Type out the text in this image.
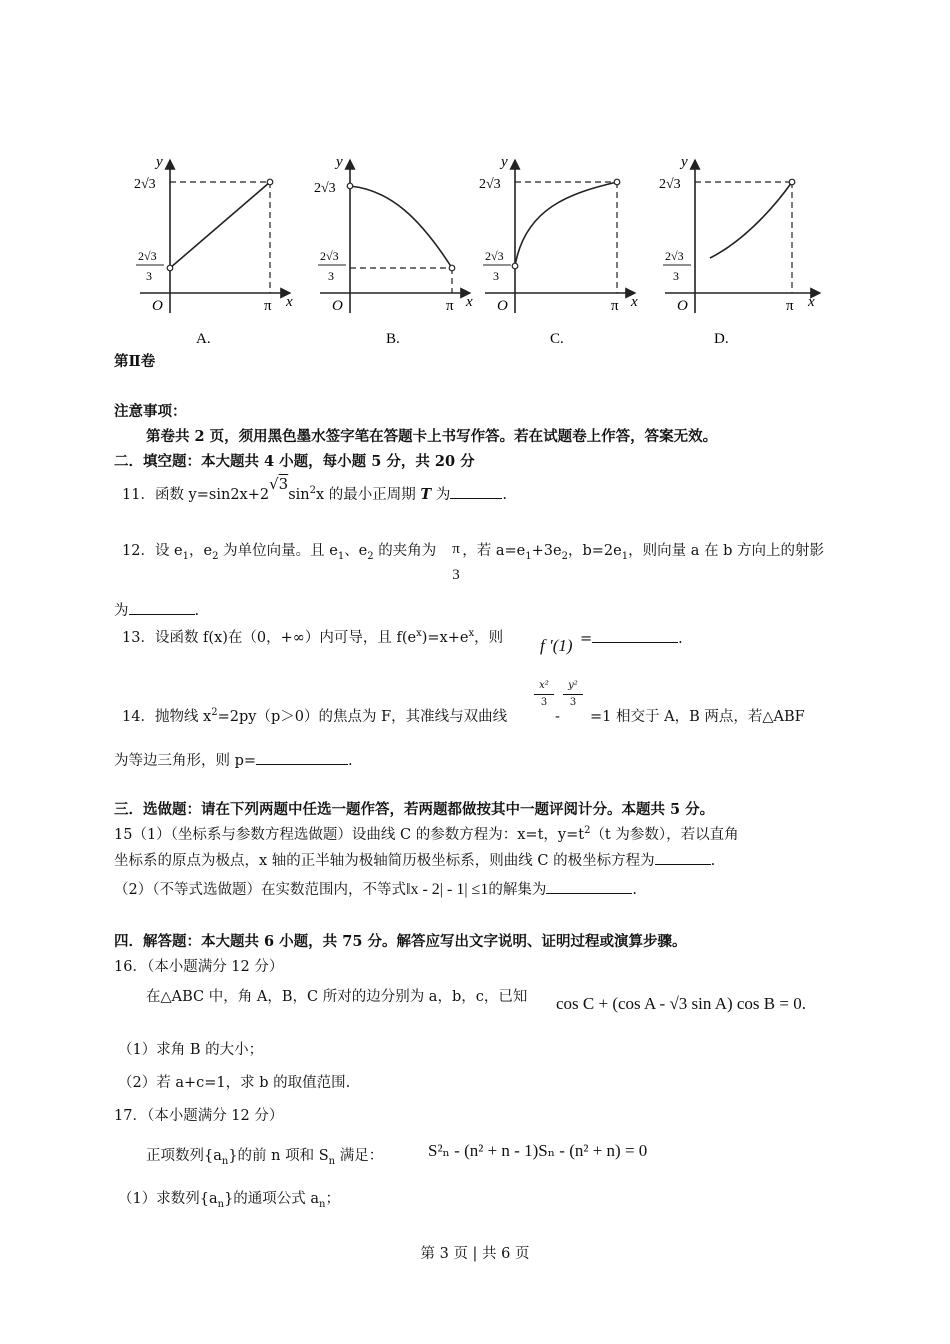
y
2√3
2√3
3
O	π x
A.
y
2√3
2√3
3
O	π x
B.
y
2√3
2√3
3
O	π x
C.
y
2√3
2√3
3
O	π x
D.
第Ⅱ卷
注意事项：
第卷共 2 页，须用黑色墨水签字笔在答题卡上书写作答。若在试题卷上作答，答案无效。
二．填空题：本大题共 4 小题，每小题 5 分，共 20 分
11．函数 $y=\sin 2x+2^{√3}\sin^2x$ 的最小正周期 T 为	.
12．设 $e_1$，$e_2$ 为单位向量。且 $e_1$、$e_2$ 的夹角为 ，若 $a=e_1+3e_2$，$b=2e_1$，则向量 a 在 b 方向上的射影
π
3
为	.
13．设函数 f(x)在（0，+∞）内可导，且 $f(e^x)=x+e^x$，则 f ′(1) =	.
14．抛物线 $x^2=2py(p>0)$的焦点为 F，其准线与双曲线
x²
3
-
y²
3
=1 相交于 A，B 两点，若△ABF
为等边三角形，则 p=	.
三．选做题：请在下列两题中任选一题作答，若两题都做按其中一题评阅计分。本题共 5 分。
15（1）（坐标系与参数方程选做题）设曲线 C 的参数方程为：x=t，$y=t^2(t$ 为参数），若以直角
坐标系的原点为极点，x 轴的正半轴为极轴简历极坐标系，则曲线 C 的极坐标方程为	.
（2）（不等式选做题）在实数范围内，不等式‖x - 2| - 1| ≤1的解集为	.
四．解答题：本大题共 6 小题，共 75 分。解答应写出文字说明、证明过程或演算步骤。
16．（本小题满分 12 分）
在△ABC 中，角 A，B，C 所对的边分别为 a，b，c，已知 cos C + (cos A - √3 sin A) cos B = 0.
（1）求角 B 的大小；
（2）若 a+c=1，求 b 的取值范围.
17．（本小题满分 12 分）
正项数列$\{a_n\}$的前 n 项和 $S_n$ 满足：	S²ₙ - (n² + n - 1)Sₙ - (n² + n) = 0
（1）求数列$\{a_n\}$的通项公式 $a_n$；
第 3 页 | 共 6 页
